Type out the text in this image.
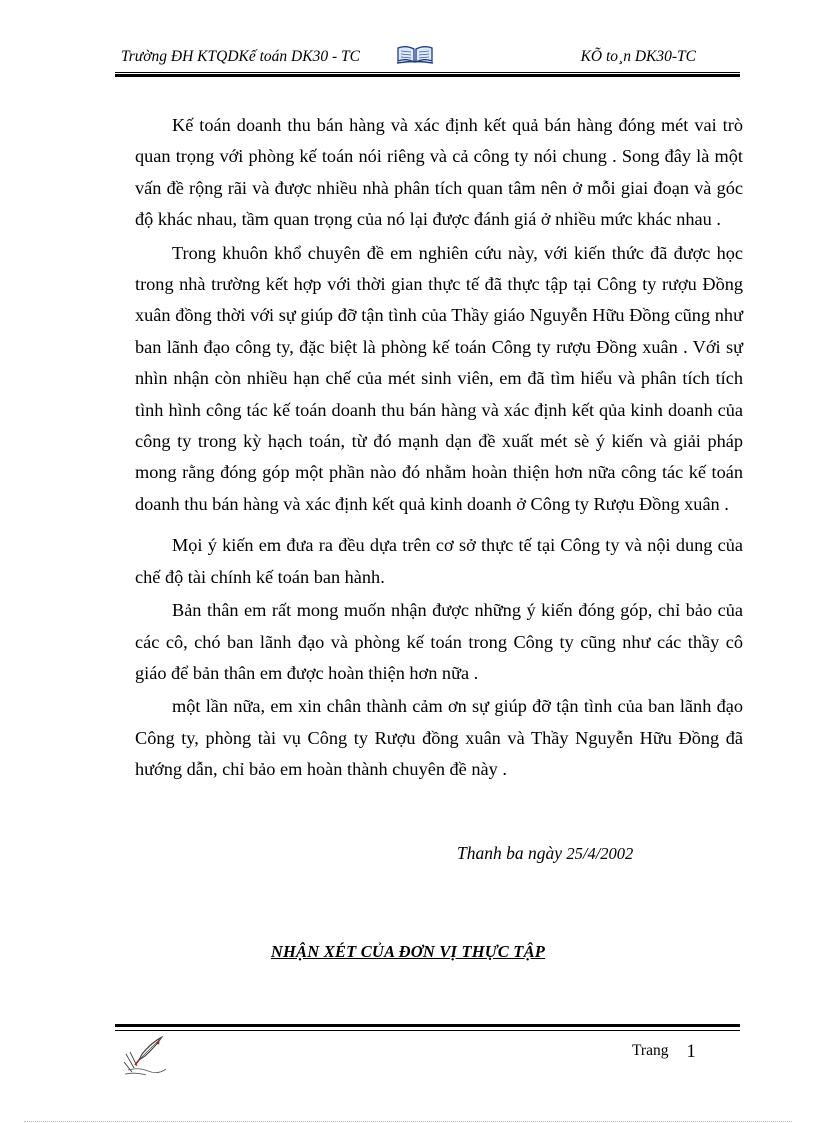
Trường ĐH KTQDKế toán DK30 - TC	KÕ to¸n DK30-TC

Kế toán doanh thu bán hàng và xác định kết quả bán hàng đóng mét vai trò quan trọng với phòng kế toán nói riêng và cả công ty nói chung . Song đây là một vấn đề rộng rãi và được nhiều nhà phân tích quan tâm nên ở mỗi giai đoạn và góc độ khác nhau, tầm quan trọng của nó lại được đánh giá ở nhiều mức khác nhau .

Trong khuôn khổ chuyên đề em nghiên cứu này, với kiến thức đã được học trong nhà trường kết hợp với thời gian thực tế đã thực tập tại Công ty rượu Đồng xuân đồng thời với sự giúp đỡ tận tình của Thầy giáo Nguyễn Hữu Đồng cũng như ban lãnh đạo công ty, đặc biệt là phòng kế toán Công ty rượu Đồng xuân . Với sự nhìn nhận còn nhiều hạn chế của mét sinh viên, em đã tìm hiểu và phân tích tích tình hình công tác kế toán doanh thu bán hàng và xác định kết qủa kinh doanh của công ty trong kỳ hạch toán, từ đó mạnh dạn đề xuất mét sè ý kiến và giải pháp mong rằng đóng góp một phần nào đó nhằm hoàn thiện hơn nữa công tác kế toán doanh thu bán hàng và xác định kết quả kinh doanh ở Công ty Rượu Đồng xuân .

Mọi ý kiến em đưa ra đều dựa trên cơ sở thực tế tại Công ty và nội dung của chế độ tài chính kế toán ban hành.

Bản thân em rất mong muốn nhận được những ý kiến đóng góp, chỉ bảo của các cô, chó ban lãnh đạo và phòng kế toán trong Công ty cũng như các thầy cô giáo để bản thân em được hoàn thiện hơn nữa .

một lần nữa, em xin chân thành cảm ơn sự giúp đỡ tận tình của ban lãnh đạo Công ty, phòng tài vụ Công ty Rượu đồng xuân và Thầy Nguyễn Hữu Đồng đã hướng dẫn, chỉ bảo em hoàn thành chuyên đề này .

Thanh ba ngày 25/4/2002
NHẬN XÉT CỦA ĐƠN VỊ THỰC TẬP
Trang 1
